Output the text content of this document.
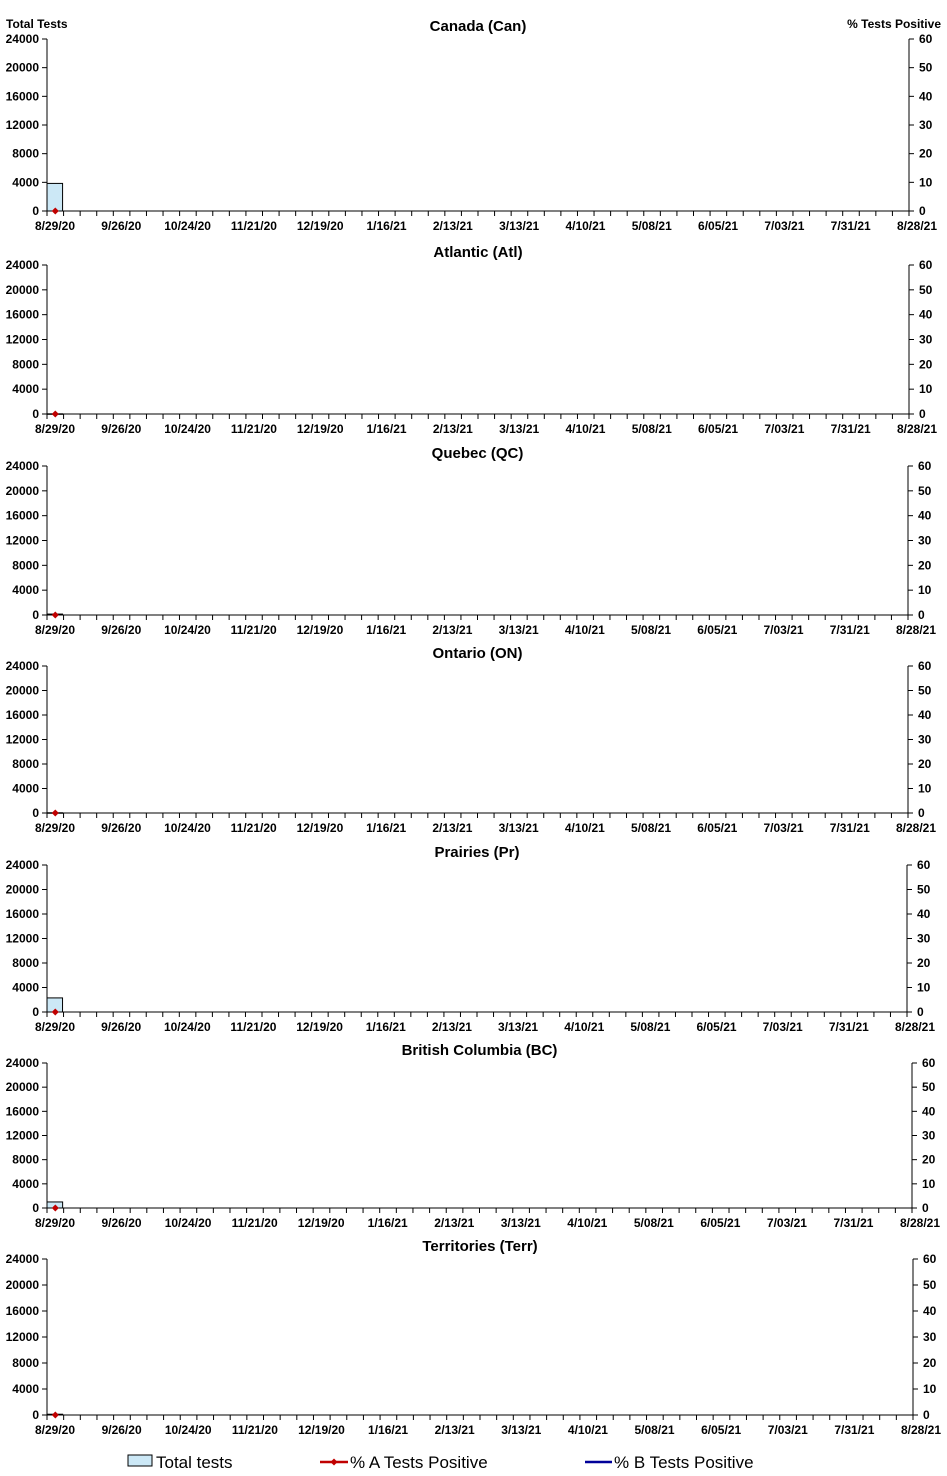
0
4000
8000
12000
16000
20000
24000
0
10
20
30
40
50
60
8/29/20 9/26/20 10/24/20 11/21/20 12/19/20 1/16/21 2/13/21 3/13/21 4/10/21 5/08/21 6/05/21 7/03/21 7/31/21 8/28/21
Canada (Can)
Total Tests	% Tests Positive
0
4000
8000
12000
16000
20000
24000
0
10
20
30
40
50
60
8/29/20 9/26/20 10/24/20 11/21/20 12/19/20 1/16/21 2/13/21 3/13/21 4/10/21 5/08/21 6/05/21 7/03/21 7/31/21 8/28/21
Atlantic (Atl)
0
4000
8000
12000
16000
20000
24000
0
10
20
30
40
50
60
8/29/20 9/26/20 10/24/20 11/21/20 12/19/20 1/16/21 2/13/21 3/13/21 4/10/21 5/08/21 6/05/21 7/03/21 7/31/21 8/28/21
Quebec (QC)
0
4000
8000
12000
16000
20000
24000
0
10
20
30
40
50
60
8/29/20 9/26/20 10/24/20 11/21/20 12/19/20 1/16/21 2/13/21 3/13/21 4/10/21 5/08/21 6/05/21 7/03/21 7/31/21 8/28/21
Ontario (ON)
0
4000
8000
12000
16000
20000
24000
0
10
20
30
40
50
60
8/29/20 9/26/20 10/24/20 11/21/20 12/19/20 1/16/21 2/13/21 3/13/21 4/10/21 5/08/21 6/05/21 7/03/21 7/31/21 8/28/21
Prairies (Pr)
0
4000
8000
12000
16000
20000
24000
0
10
20
30
40
50
60
8/29/20 9/26/20 10/24/20 11/21/20 12/19/20 1/16/21 2/13/21 3/13/21 4/10/21 5/08/21 6/05/21 7/03/21 7/31/21 8/28/21
British Columbia (BC)
0
4000
8000
12000
16000
20000
24000
0
10
20
30
40
50
60
8/29/20 9/26/20 10/24/20 11/21/20 12/19/20 1/16/21 2/13/21 3/13/21 4/10/21 5/08/21 6/05/21 7/03/21 7/31/21 8/28/21
Territories (Terr)
Total tests	% A Tests Positive	% B Tests Positive
